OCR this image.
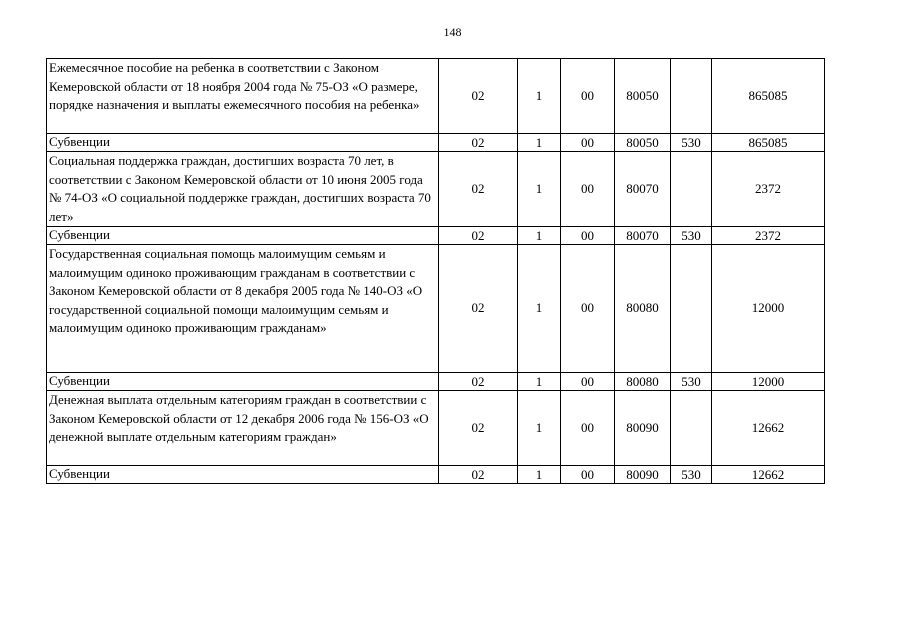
148
Ежемесячное пособие на ребенка в соответствии с Законом Кемеровской области от 18 ноября 2004 года № 75-ОЗ «О размере, порядке назначения и выплаты ежемесячного пособия на ребенка»	02	1	00	80050		865085
Субвенции	02	1	00	80050	530	865085
Социальная поддержка граждан, достигших возраста 70 лет, в соответствии с Законом Кемеровской области от 10 июня 2005 года № 74-ОЗ «О социальной поддержке граждан, достигших возраста 70 лет»	02	1	00	80070		2372
Субвенции	02	1	00	80070	530	2372
Государственная социальная помощь малоимущим семьям и малоимущим одиноко проживающим гражданам в соответствии с Законом Кемеровской области от 8 декабря 2005 года № 140-ОЗ «О государственной социальной помощи малоимущим семьям и малоимущим одиноко проживающим гражданам»	02	1	00	80080		12000
Субвенции	02	1	00	80080	530	12000
Денежная выплата отдельным категориям граждан в соответствии с Законом Кемеровской области от 12 декабря 2006 года № 156-ОЗ «О денежной выплате отдельным категориям граждан»	02	1	00	80090		12662
Субвенции	02	1	00	80090	530	12662
